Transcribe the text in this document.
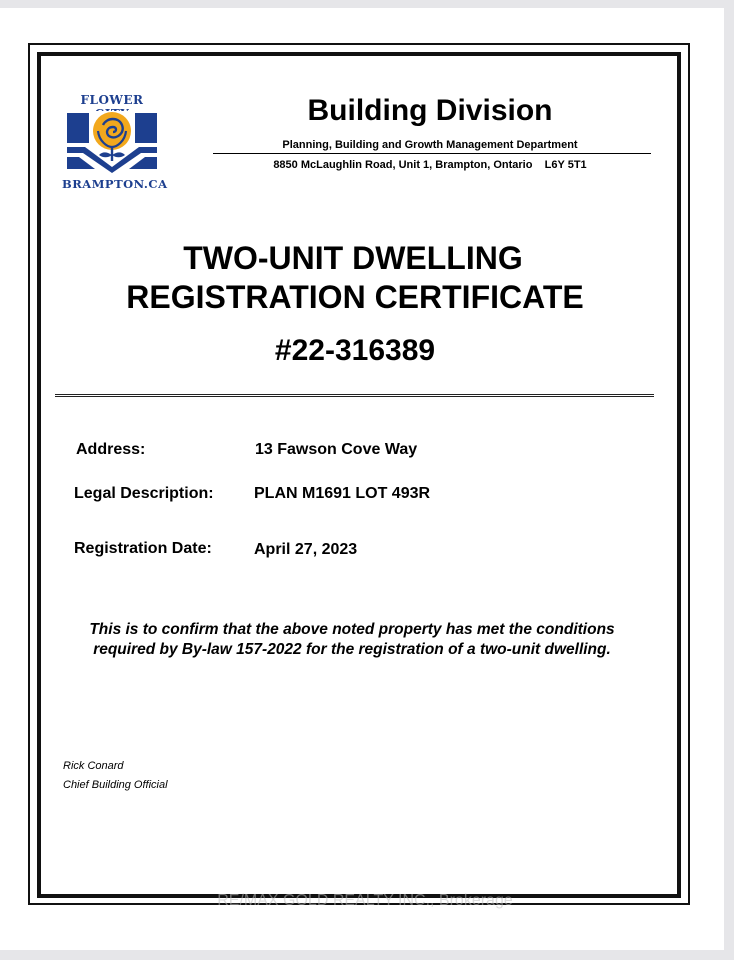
FLOWER
BRAMPTON.CA
Building Division
Planning, Building and Growth Management Department
8850 McLaughlin Road, Unit 1, Brampton, Ontario    L6Y 5T1
TWO-UNIT DWELLING
REGISTRATION CERTIFICATE
#22-316389
Address:	13 Fawson Cove Way
Legal Description:	PLAN M1691 LOT 493R
Registration Date:	April 27, 2023
This is to confirm that the above noted property has met the conditions
required by By-law 157-2022 for the registration of a two-unit dwelling.
Rick Conard
Chief Building Official
RE/MAX GOLD REALTY INC., Brokerage
